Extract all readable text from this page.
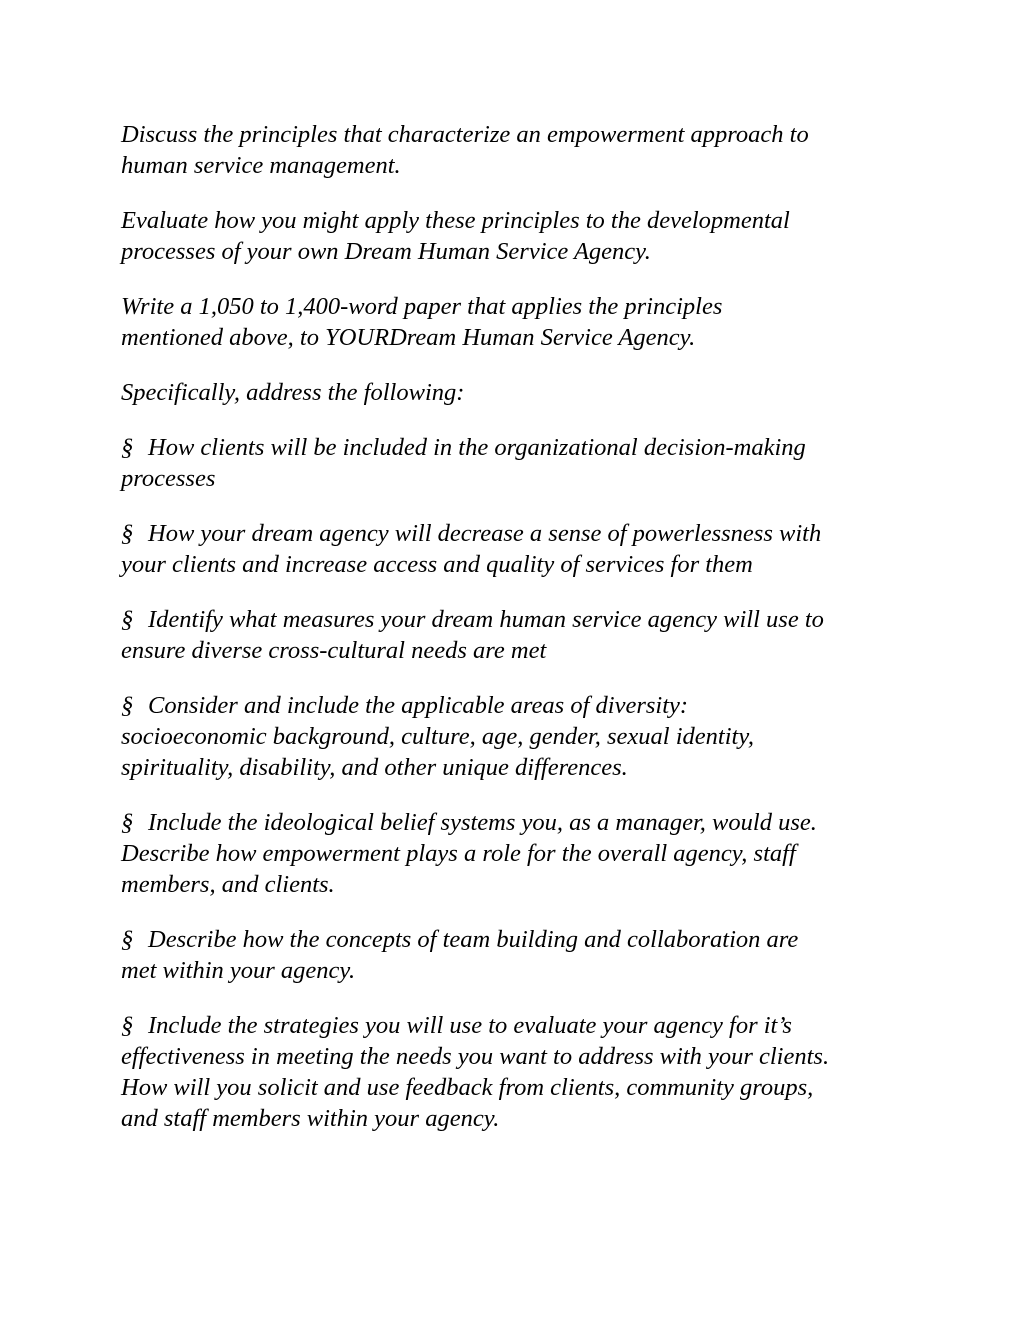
Discuss the principles that characterize an empowerment approach to
human service management.

Evaluate how you might apply these principles to the developmental
processes of your own Dream Human Service Agency.

Write a 1,050 to 1,400-word paper that applies the principles
mentioned above, to YOURDream Human Service Agency.

Specifically, address the following:

§ How clients will be included in the organizational decision-making
processes

§ How your dream agency will decrease a sense of powerlessness with
your clients and increase access and quality of services for them

§ Identify what measures your dream human service agency will use to
ensure diverse cross-cultural needs are met

§ Consider and include the applicable areas of diversity:
socioeconomic background, culture, age, gender, sexual identity,
spirituality, disability, and other unique differences.

§ Include the ideological belief systems you, as a manager, would use.
Describe how empowerment plays a role for the overall agency, staff
members, and clients.

§ Describe how the concepts of team building and collaboration are
met within your agency.

§ Include the strategies you will use to evaluate your agency for it’s
effectiveness in meeting the needs you want to address with your clients.
How will you solicit and use feedback from clients, community groups,
and staff members within your agency.
